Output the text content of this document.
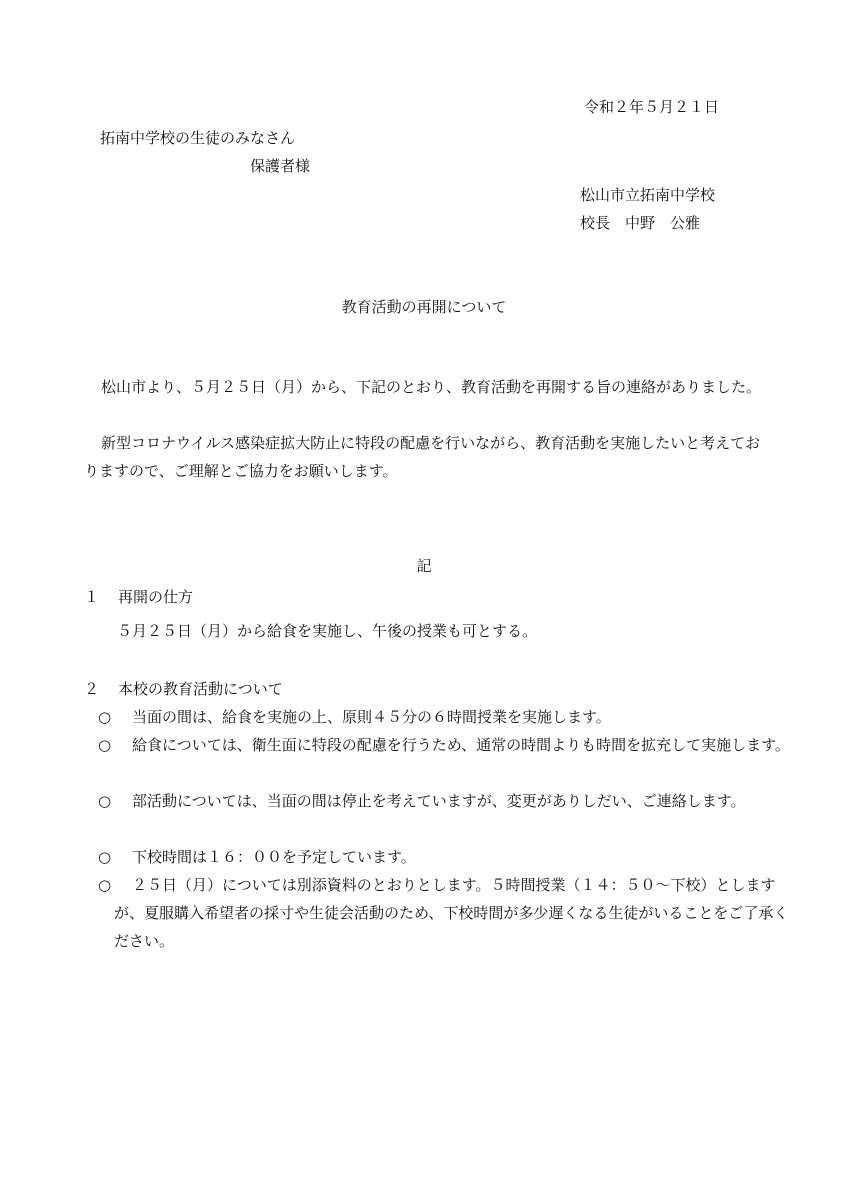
令和２年５月２１日

拓南中学校の生徒のみなさん

保護者様

松山市立拓南中学校

校長　中野　公雅

教育活動の再開について

松山市より、５月２５日（月）から、下記のとおり、教育活動を再開する旨の連絡がありました。

新型コロナウイルス感染症拡大防止に特段の配慮を行いながら、教育活動を実施したいと考えておりますので、ご理解とご協力をお願いします。

記

１ 再開の仕方

５月２５日（月）から給食を実施し、午後の授業も可とする。

２ 本校の教育活動について

○ 当面の間は、給食を実施の上、原則４５分の６時間授業を実施します。

○ 給食については、衛生面に特段の配慮を行うため、通常の時間よりも時間を拡充して実施します。

○ 部活動については、当面の間は停止を考えていますが、変更がありしだい、ご連絡します。

○ 下校時間は１６：００を予定しています。

○ ２５日（月）については別添資料のとおりとします。５時間授業（１４：５０～下校）としますが、夏服購入希望者の採寸や生徒会活動のため、下校時間が多少遅くなる生徒がいることをご了承ください。
